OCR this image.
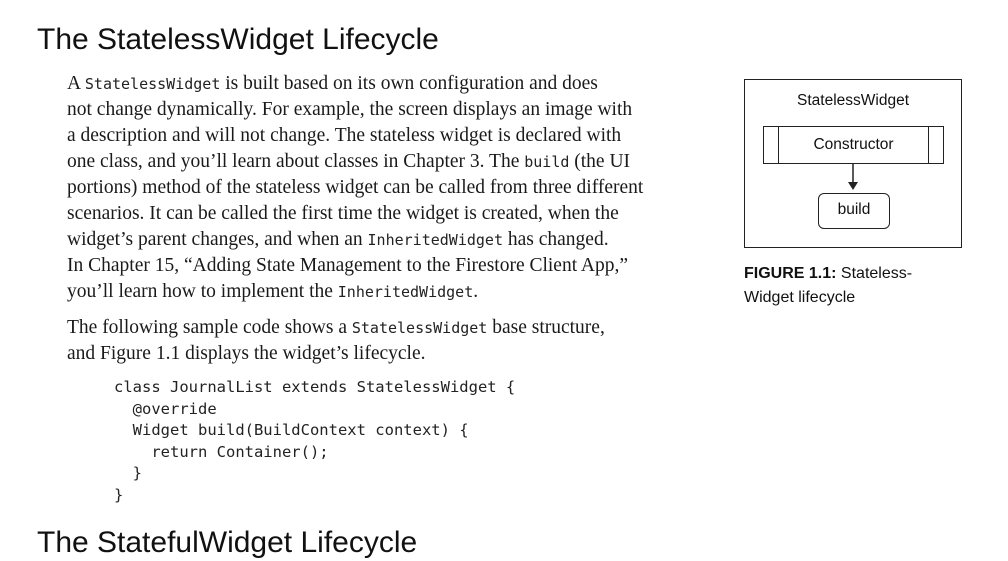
The StatelessWidget Lifecycle
A StatelessWidget is built based on its own configuration and does
not change dynamically. For example, the screen displays an image with
a description and will not change. The stateless widget is declared with
one class, and you’ll learn about classes in Chapter 3. The build (the UI
portions) method of the stateless widget can be called from three different
scenarios. It can be called the first time the widget is created, when the
widget’s parent changes, and when an InheritedWidget has changed.
In Chapter 15, “Adding State Management to the Firestore Client App,”
you’ll learn how to implement the InheritedWidget.
The following sample code shows a StatelessWidget base structure,
and Figure 1.1 displays the widget’s lifecycle.
class JournalList extends StatelessWidget {
@override
Widget build(BuildContext context) {
return Container();
}
}
StatelessWidget
Constructor
build
FIGURE 1.1: Stateless-
Widget lifecycle
The StatefulWidget Lifecycle
